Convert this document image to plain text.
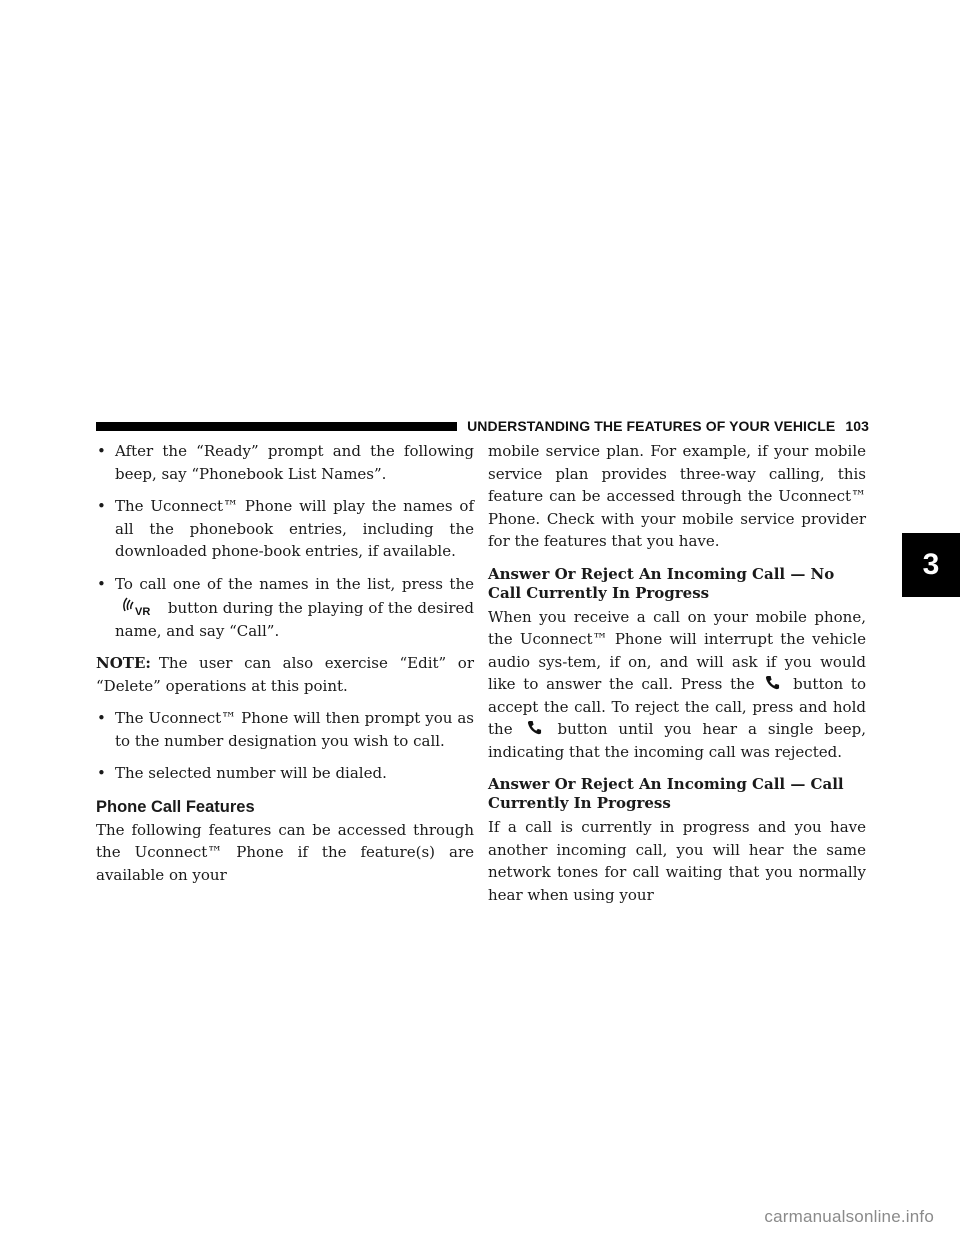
UNDERSTANDING THE FEATURES OF YOUR VEHICLE 103
3
• After the “Ready” prompt and the following beep, say “Phonebook List Names”.
• The Uconnect™ Phone will play the names of all the phonebook entries, including the downloaded phone-book entries, if available.
• To call one of the names in the list, press the
VR button during the playing of the desired name, and say “Call”.

NOTE: The user can also exercise “Edit” or “Delete” operations at this point.

• The Uconnect™ Phone will then prompt you as to the number designation you wish to call.
• The selected number will be dialed.
Phone Call Features

The following features can be accessed through the Uconnect™ Phone if the feature(s) are available on your

mobile service plan. For example, if your mobile service plan provides three-way calling, this feature can be accessed through the Uconnect™ Phone. Check with your mobile service provider for the features that you have.

Answer Or Reject An Incoming Call — No Call Currently In Progress

When you receive a call on your mobile phone, the Uconnect™ Phone will interrupt the vehicle audio sys-tem, if on, and will ask if you would like to answer the call. Press the	button to accept the call. To reject the call, press and hold the	button until you hear a single beep, indicating that the incoming call was rejected.

Answer Or Reject An Incoming Call — Call Currently In Progress

If a call is currently in progress and you have another incoming call, you will hear the same network tones for call waiting that you normally hear when using your

carmanualsonline.info
